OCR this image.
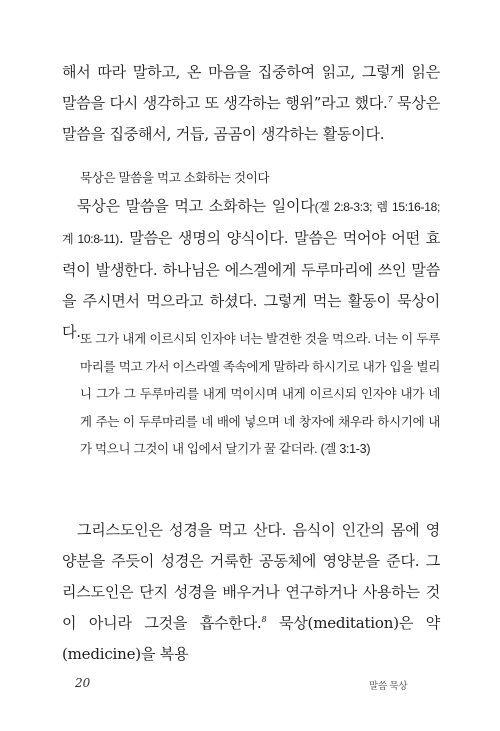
해서 따라 말하고, 온 마음을 집중하여 읽고, 그렇게 읽은 말씀을 다시 생각하고 또 생각하는 행위”라고 했다.$^7$ 묵상은 말씀을 집중해서, 거듭, 곰곰이 생각하는 활동이다.

묵상은 말씀을 먹고 소화하는 것이다

묵상은 말씀을 먹고 소화하는 일이다(겔 2:8-3:3; 렘 15:16-18; 계 10:8-11). 말씀은 생명의 양식이다. 말씀은 먹어야 어떤 효력이 발생한다. 하나님은 에스겔에게 두루마리에 쓰인 말씀을 주시면서 먹으라고 하셨다. 그렇게 먹는 활동이 묵상이다. 또 그가 내게 이르시되 인자야 너는 발견한 것을 먹으라. 너는 이 두루마리를 먹고 가서 이스라엘 족속에게 말하라 하시기로 내가 입을 벌리니 그가 그 두루마리를 내게 먹이시며 내게 이르시되 인자야 내가 네게 주는 이 두루마리를 네 배에 넣으며 네 창자에 채우라 하시기에 내가 먹으니 그것이 내 입에서 달기가 꿀 같더라. (겔 3:1-3)

그리스도인은 성경을 먹고 산다. 음식이 인간의 몸에 영양분을 주듯이 성경은 거룩한 공동체에 영양분을 준다. 그리스도인은 단지 성경을 배우거나 연구하거나 사용하는 것이 아니라 그것을 흡수한다.$^8$ 묵상(meditation)은 약(medicine)을 복용

20	말씀 묵상
